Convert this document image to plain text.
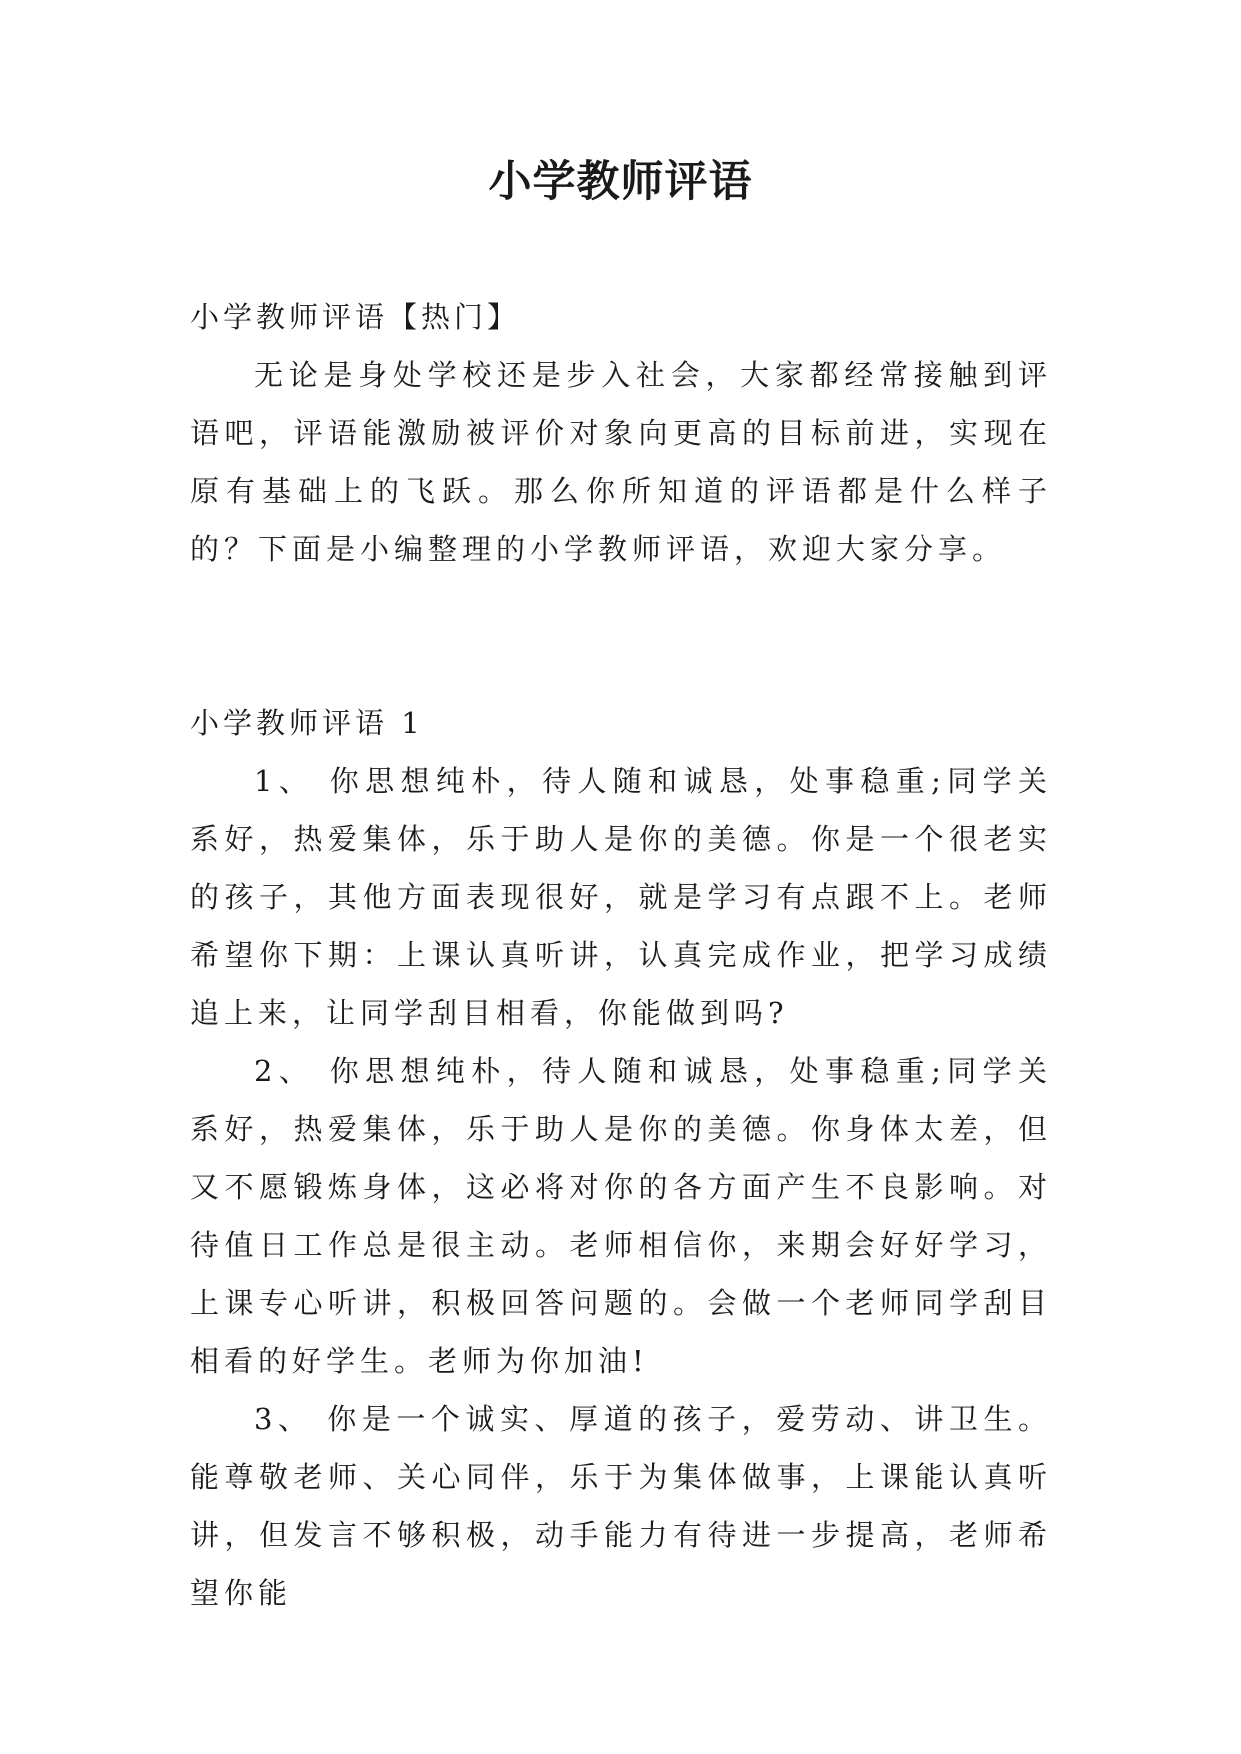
小学教师评语

小学教师评语【热门】

无论是身处学校还是步入社会，大家都经常接触到评语吧，评语能激励被评价对象向更高的目标前进，实现在原有基础上的飞跃。那么你所知道的评语都是什么样子的？下面是小编整理的小学教师评语，欢迎大家分享。

小学教师评语 1

1、 你思想纯朴，待人随和诚恳，处事稳重;同学关系好，热爱集体，乐于助人是你的美德。你是一个很老实的孩子，其他方面表现很好，就是学习有点跟不上。老师希望你下期：上课认真听讲，认真完成作业，把学习成绩追上来，让同学刮目相看，你能做到吗?

2、 你思想纯朴，待人随和诚恳，处事稳重;同学关系好，热爱集体，乐于助人是你的美德。你身体太差，但又不愿锻炼身体，这必将对你的各方面产生不良影响。对待值日工作总是很主动。老师相信你，来期会好好学习，上课专心听讲，积极回答问题的。会做一个老师同学刮目相看的好学生。老师为你加油!

3、 你是一个诚实、厚道的孩子，爱劳动、讲卫生。能尊敬老师、关心同伴，乐于为集体做事，上课能认真听讲，但发言不够积极，动手能力有待进一步提高，老师希望你能
